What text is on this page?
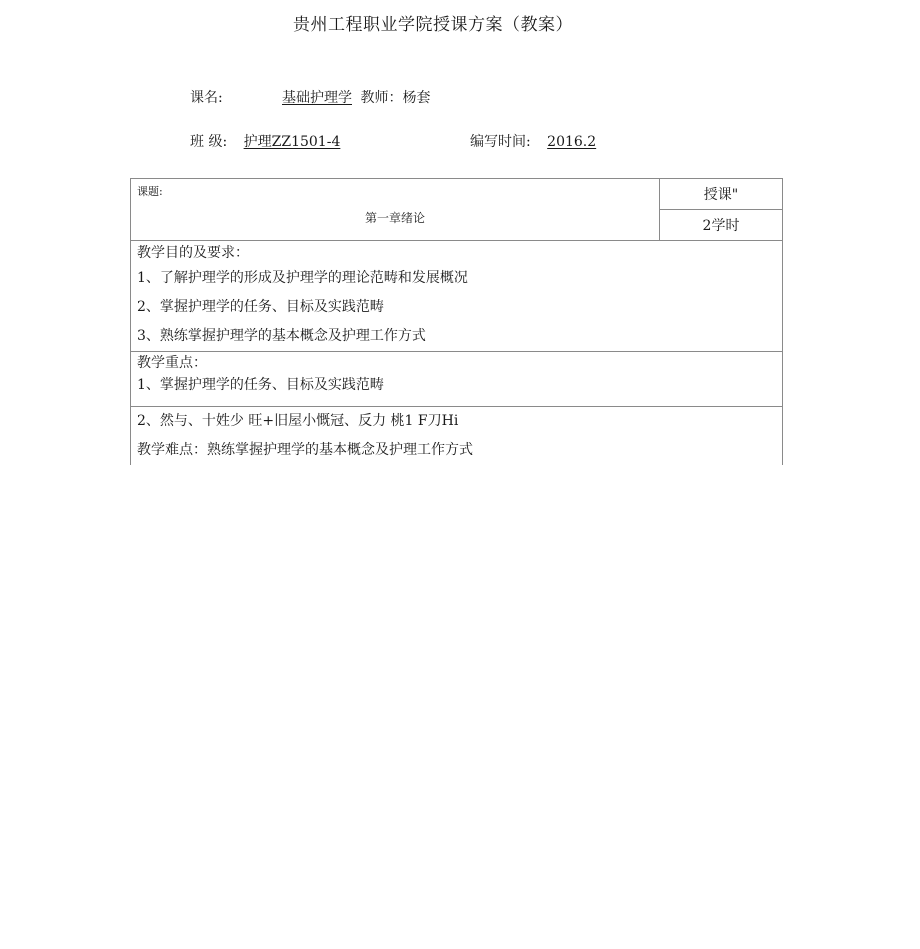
贵州工程职业学院授课方案（教案）
课名:	基础护理学 教师：杨套
班 级: 护理ZZ1501-4	编写时间: 2016.2
课题:
第一章绪论
	授课"
2学时

教学目的及要求：
1、了解护理学的形成及护理学的理论范畴和发展概况
2、掌握护理学的任务、目标及实践范畴
3、熟练掌握护理学的基本概念及护理工作方式

教学重点：
1、掌握护理学的任务、目标及实践范畴

2、然与、十姓少 旺+旧屋小慨冠、反力 桃1 F刀Hi
教学难点：熟练掌握护理学的基本概念及护理工作方式
